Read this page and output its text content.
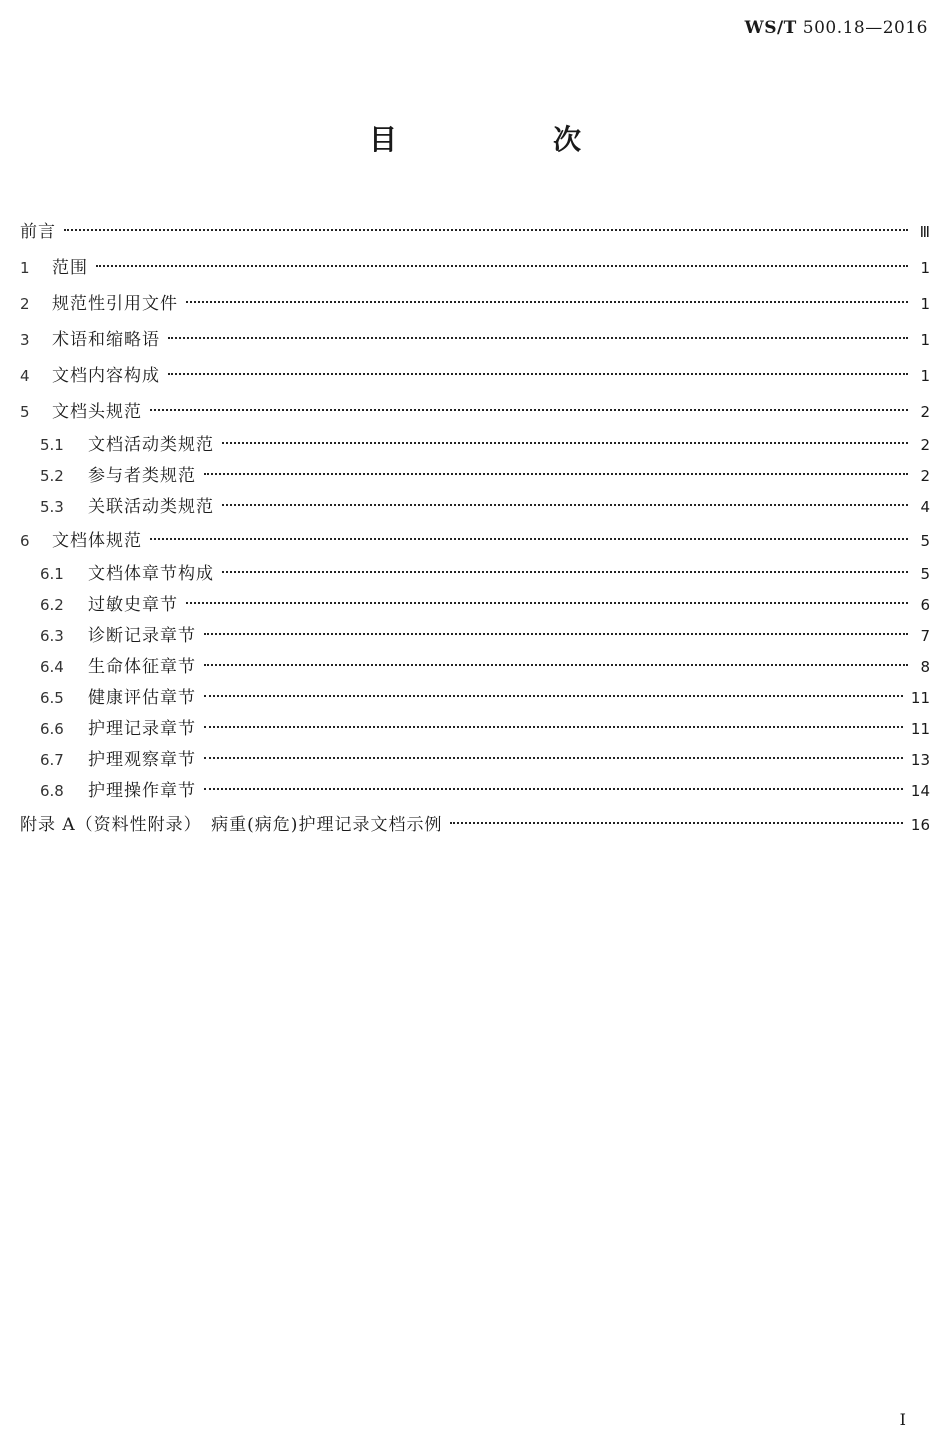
WS/T 500.18—2016
目　次
前言	Ⅲ
1	范围	1
2	规范性引用文件	1
3	术语和缩略语	1
4	文档内容构成	1
5	文档头规范	2
5.1	文档活动类规范	2
5.2	参与者类规范	2
5.3	关联活动类规范	4
6	文档体规范	5
6.1	文档体章节构成	5
6.2	过敏史章节	6
6.3	诊断记录章节	7
6.4	生命体征章节	8
6.5	健康评估章节	11
6.6	护理记录章节	11
6.7	护理观察章节	13
6.8	护理操作章节	14
附录 A（资料性附录）　病重(病危)护理记录文档示例	16
I
